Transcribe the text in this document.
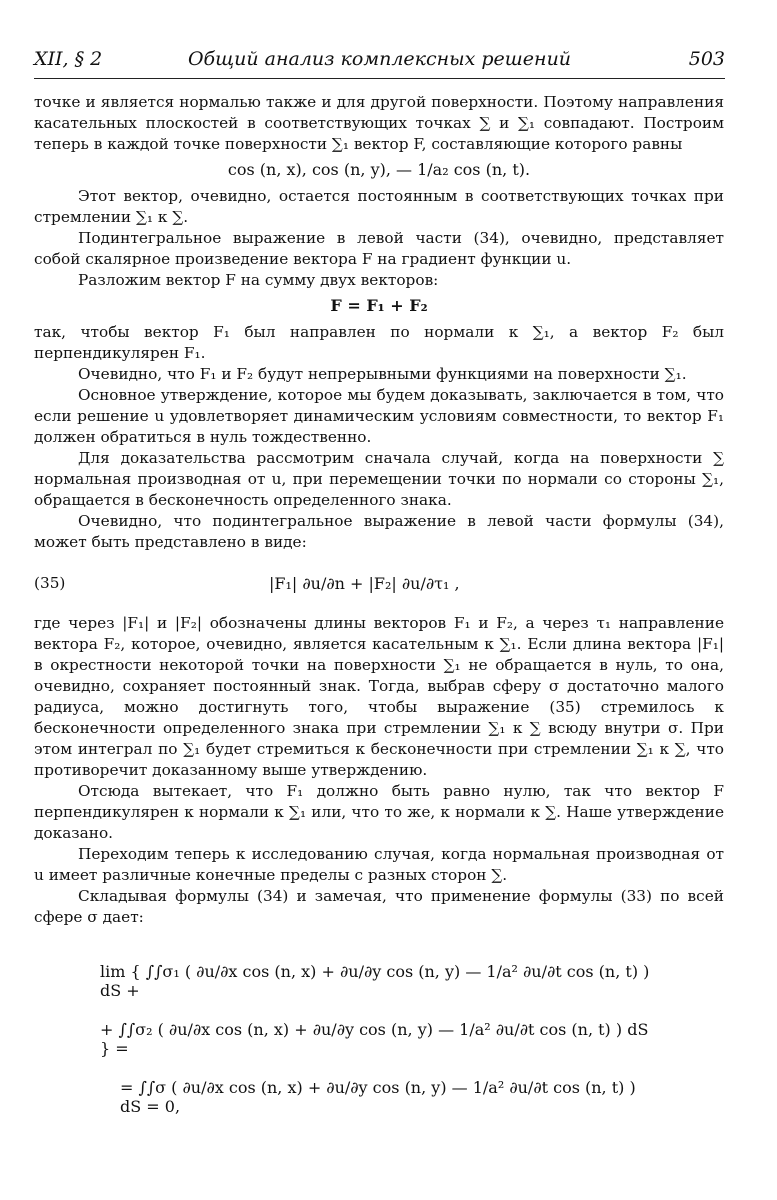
XII, § 2	Общий анализ комплексных решений	503

точке и является нормалью также и для другой поверхности. Поэтому направления касательных плоскостей в соответствующих точках ∑ и ∑₁ совпадают. Построим теперь в каждой точке поверхности ∑₁ вектор F, составляющие которого равны

cos (n, x), cos (n, y), — 1/a₂ cos (n, t).

Этот вектор, очевидно, остается постоянным в соответствующих точках при стремлении ∑₁ к ∑.

Подинтегральное выражение в левой части (34), очевидно, представляет собой скалярное произведение вектора F на градиент функции u.

Разложим вектор F на сумму двух векторов:

F = F₁ + F₂

так, чтобы вектор F₁ был направлен по нормали к ∑₁, а вектор F₂ был перпендикулярен F₁.

Очевидно, что F₁ и F₂ будут непрерывными функциями на поверхности ∑₁.

Основное утверждение, которое мы будем доказывать, заключается в том, что если решение u удовлетворяет динамическим условиям совместности, то вектор F₁ должен обратиться в нуль тождественно.

Для доказательства рассмотрим сначала случай, когда на поверхности ∑ нормальная производная от u, при перемещении точки по нормали со стороны ∑₁, обращается в бесконечность определенного знака.

Очевидно, что подинтегральное выражение в левой части формулы (34), может быть представлено в виде:

(35)	|F₁| ∂u/∂n + |F₂| ∂u/∂τ₁ ,

где через |F₁| и |F₂| обозначены длины векторов F₁ и F₂, а через τ₁ направление вектора F₂, которое, очевидно, является касательным к ∑₁. Если длина вектора |F₁| в окрестности некоторой точки на поверхности ∑₁ не обращается в нуль, то она, очевидно, сохраняет постоянный знак. Тогда, выбрав сферу σ достаточно малого радиуса, можно достигнуть того, чтобы выражение (35) стремилось к бесконечности определенного знака при стремлении ∑₁ к ∑ всюду внутри σ. При этом интеграл по ∑₁ будет стремиться к бесконечности при стремлении ∑₁ к ∑, что противоречит доказанному выше утверждению.

Отсюда вытекает, что F₁ должно быть равно нулю, так что вектор F перпендикулярен к нормали к ∑₁ или, что то же, к нормали к ∑. Наше утверждение доказано.

Переходим теперь к исследованию случая, когда нормальная производная от u имеет различные конечные пределы с разных сторон ∑.

Складывая формулы (34) и замечая, что применение формулы (33) по всей сфере σ дает:

lim { ∫∫σ₁ ( ∂u/∂x cos (n, x) + ∂u/∂y cos (n, y) — 1/a² ∂u/∂t cos (n, t) ) dS +
+ ∫∫σ₂ ( ∂u/∂x cos (n, x) + ∂u/∂y cos (n, y) — 1/a² ∂u/∂t cos (n, t) ) dS } =
= ∫∫σ ( ∂u/∂x cos (n, x) + ∂u/∂y cos (n, y) — 1/a² ∂u/∂t cos (n, t) ) dS = 0,
